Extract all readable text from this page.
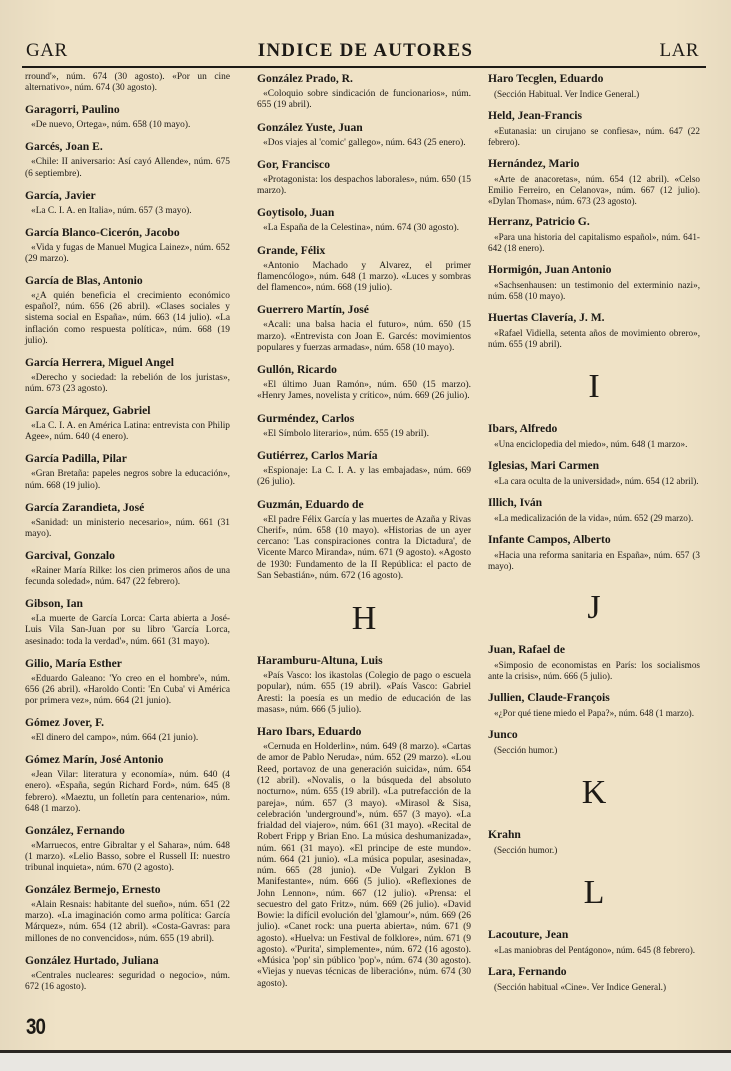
GAR	INDICE DE AUTORES	LAR
rround'», núm. 674 (30 agosto). «Por un cine alternativo», núm. 674 (30 agosto).
Garagorri, Paulino
«De nuevo, Ortega», núm. 658 (10 mayo).
Garcés, Joan E.
«Chile: II aniversario: Así cayó Allende», núm. 675 (6 septiembre).
García, Javier
«La C. I. A. en Italia», núm. 657 (3 mayo).
García Blanco-Cicerón, Jacobo
«Vida y fugas de Manuel Mugica Lainez», núm. 652 (29 marzo).
García de Blas, Antonio
«¿A quién beneficia el crecimiento económico español?, núm. 656 (26 abril). «Clases sociales y sistema social en España», núm. 663 (14 julio). «La inflación como respuesta política», núm. 668 (19 julio).
García Herrera, Miguel Angel
«Derecho y sociedad: la rebelión de los juristas», núm. 673 (23 agosto).
García Márquez, Gabriel
«La C. I. A. en América Latina: entrevista con Philip Agee», núm. 640 (4 enero).
García Padilla, Pilar
«Gran Bretaña: papeles negros sobre la educación», núm. 668 (19 julio).
García Zarandieta, José
«Sanidad: un ministerio necesario», núm. 661 (31 mayo).
Garcival, Gonzalo
«Rainer María Rilke: los cien primeros años de una fecunda soledad», núm. 647 (22 febrero).
Gibson, Ian
«La muerte de García Lorca: Carta abierta a José-Luis Vila San-Juan por su libro 'García Lorca, asesinado: toda la verdad'», núm. 661 (31 mayo).
Gilio, María Esther
«Eduardo Galeano: 'Yo creo en el hombre'», núm. 656 (26 abril). «Haroldo Conti: 'En Cuba' vi América por primera vez», núm. 664 (21 junio).
Gómez Jover, F.
«El dinero del campo», núm. 664 (21 junio).
Gómez Marín, José Antonio
«Jean Vilar: literatura y economía», núm. 640 (4 enero). «España, según Richard Ford», núm. 645 (8 febrero). «Maeztu, un folletín para centenario», núm. 648 (1 marzo).
González, Fernando
«Marruecos, entre Gibraltar y el Sahara», núm. 648 (1 marzo). «Lelio Basso, sobre el Russell II: nuestro tribunal inquieta», núm. 670 (2 agosto).
González Bermejo, Ernesto
«Alain Resnais: habitante del sueño», núm. 651 (22 marzo). «La imaginación como arma política: García Márquez», núm. 654 (12 abril). «Costa-Gavras: para millones de no convencidos», núm. 655 (19 abril).
González Hurtado, Juliana
«Centrales nucleares: seguridad o negocio», núm. 672 (16 agosto).
González Prado, R.
«Coloquio sobre sindicación de funcionarios», núm. 655 (19 abril).
González Yuste, Juan
«Dos viajes al 'comic' gallego», núm. 643 (25 enero).
Gor, Francisco
«Protagonista: los despachos laborales», núm. 650 (15 marzo).
Goytisolo, Juan
«La España de la Celestina», núm. 674 (30 agosto).
Grande, Félix
«Antonio Machado y Alvarez, el primer flamencólogo», núm. 648 (1 marzo). «Luces y sombras del flamenco», núm. 668 (19 julio).
Guerrero Martín, José
«Acali: una balsa hacia el futuro», núm. 650 (15 marzo). «Entrevista con Joan E. Garcés: movimientos populares y fuerzas armadas», núm. 658 (10 mayo).
Gullón, Ricardo
«El último Juan Ramón», núm. 650 (15 marzo). «Henry James, novelista y crítico», núm. 669 (26 julio).
Gurméndez, Carlos
«El Símbolo literario», núm. 655 (19 abril).
Gutiérrez, Carlos María
«Espionaje: La C. I. A. y las embajadas», núm. 669 (26 julio).
Guzmán, Eduardo de
«El padre Félix García y las muertes de Azaña y Rivas Cherif», núm. 658 (10 mayo). «Historias de un ayer cercano: 'Las conspiraciones contra la Dictadura', de Vicente Marco Miranda», núm. 671 (9 agosto). «Agosto de 1930: Fundamento de la II República: el pacto de San Sebastián», núm. 672 (16 agosto).
H
Haramburu-Altuna, Luis
«País Vasco: los ikastolas (Colegio de pago o escuela popular), núm. 655 (19 abril). «País Vasco: Gabriel Aresti: la poesía es un medio de educación de las masas», núm. 666 (5 julio).
Haro Ibars, Eduardo
«Cernuda en Holderlin», núm. 649 (8 marzo). «Cartas de amor de Pablo Neruda», núm. 652 (29 marzo). «Lou Reed, portavoz de una generación suicida», núm. 654 (12 abril). «Novalis, o la búsqueda del absoluto nocturno», núm. 655 (19 abril). «La putrefacción de la pareja», núm. 657 (3 mayo). «Mirasol & Sisa, celebración 'underground'», núm. 657 (3 mayo). «La frialdad del viajero», núm. 661 (31 mayo). «Recital de Robert Fripp y Brian Eno. La música deshumanizada», núm. 661 (31 mayo). «El principe de este mundo». núm. 664 (21 junio). «La música popular, asesinada», núm. 665 (28 junio). «De Vulgari Zyklon B Manifestante», núm. 666 (5 julio). «Reflexiones de John Lennon», núm. 667 (12 julio). «Prensa: el secuestro del gato Fritz», núm. 669 (26 julio). «David Bowie: la difícil evolución del 'glamour'», núm. 669 (26 julio). «Canet rock: una puerta abierta», núm. 671 (9 agosto). «Huelva: un Festival de folklore», núm. 671 (9 agosto). «'Purita', simplemente», núm. 672 (16 agosto). «Música 'pop' sin público 'pop'», núm. 674 (30 agosto). «Viejas y nuevas técnicas de liberación», núm. 674 (30 agosto).
Haro Tecglen, Eduardo
(Sección Habitual. Ver Indice General.)
Held, Jean-Francis
«Eutanasia: un cirujano se confiesa», núm. 647 (22 febrero).
Hernández, Mario
«Arte de anacoretas», núm. 654 (12 abril). «Celso Emilio Ferreiro, en Celanova», núm. 667 (12 julio). «Dylan Thomas», núm. 673 (23 agosto).
Herranz, Patricio G.
«Para una historia del capitalismo español», núm. 641-642 (18 enero).
Hormigón, Juan Antonio
«Sachsenhausen: un testimonio del exterminio nazi», núm. 658 (10 mayo).
Huertas Clavería, J. M.
«Rafael Vidiella, setenta años de movimiento obrero», núm. 655 (19 abril).
I
Ibars, Alfredo
«Una enciclopedia del miedo», núm. 648 (1 marzo».
Iglesias, Mari Carmen
«La cara oculta de la universidad», núm. 654 (12 abril).
Illich, Iván
«La medicalización de la vida», núm. 652 (29 marzo).
Infante Campos, Alberto
«Hacia una reforma sanitaria en España», núm. 657 (3 mayo).
J
Juan, Rafael de
«Simposio de economistas en París: los socialismos ante la crisis», núm. 666 (5 julio).
Jullien, Claude-François
«¿Por qué tiene miedo el Papa?», núm. 648 (1 marzo).
Junco
(Sección humor.)
K
Krahn
(Sección humor.)
L
Lacouture, Jean
«Las maniobras del Pentágono», núm. 645 (8 febrero).
Lara, Fernando
(Sección habitual «Cine». Ver Indice General.)
30
